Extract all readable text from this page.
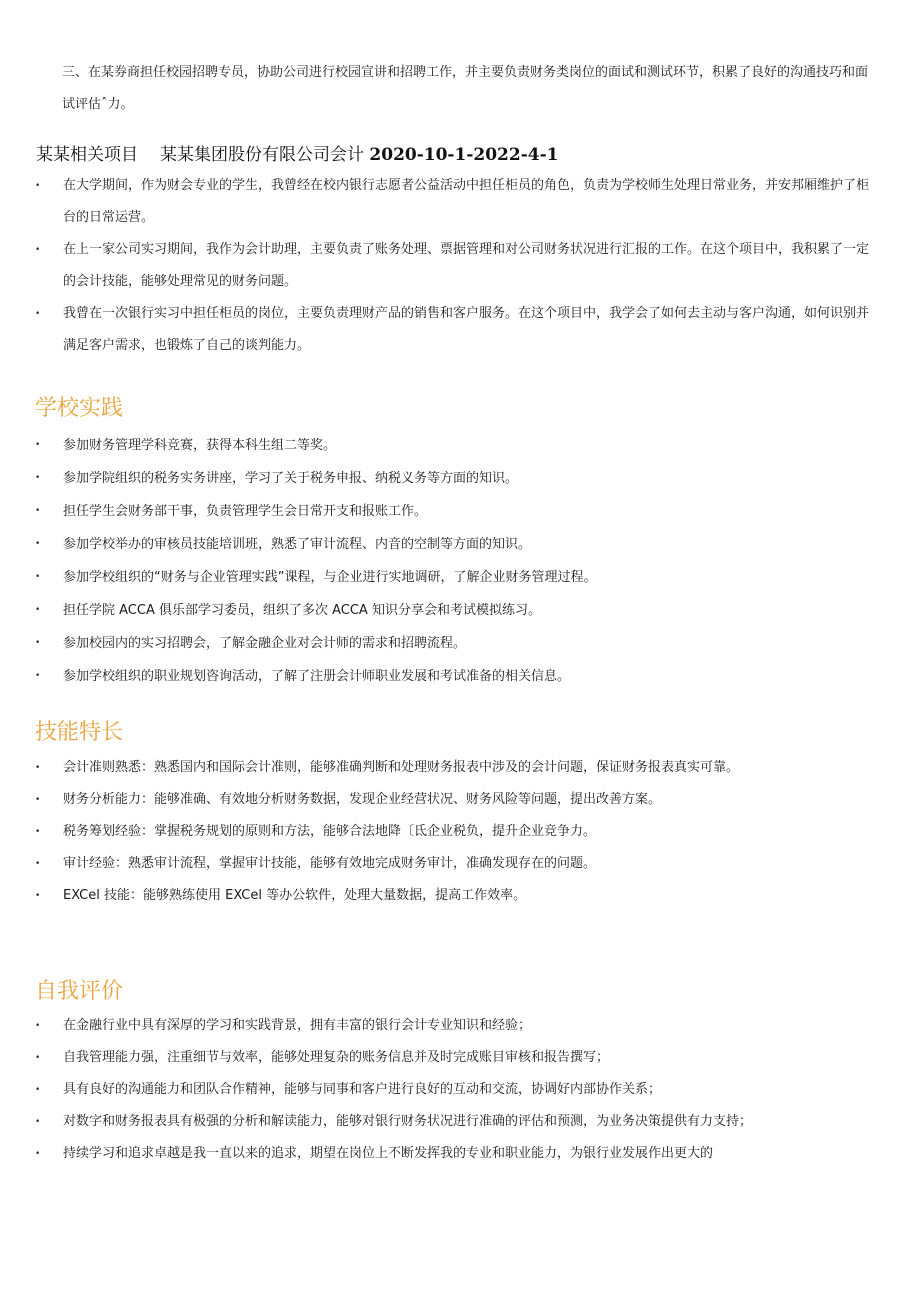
三、在某券商担任校园招聘专员，协助公司进行校园宣讲和招聘工作，并主要负责财务类岗位的面试和测试环节，积累了良好的沟通技巧和面试评估ˆ力。

某某相关项目 某某集团股份有限公司会计 2020-10-1-2022-4-1
• 在大学期间，作为财会专业的学生，我曾经在校内银行志愿者公益活动中担任柜员的角色，负责为学校师生处理日常业务，并安邦厢维护了柜台的日常运营。
• 在上一家公司实习期间，我作为会计助理，主要负责了账务处理、票据管理和对公司财务状况进行汇报的工作。在这个项目中，我积累了一定的会计技能，能够处理常见的财务问题。
• 我曾在一次银行实习中担任柜员的岗位，主要负责理财产品的销售和客户服务。在这个项目中，我学会了如何去主动与客户沟通，如何识别并满足客户需求，也锻炼了自己的谈判能力。
学校实践
• 参加财务管理学科竞赛，获得本科生组二等奖。
• 参加学院组织的税务实务讲座，学习了关于税务申报、纳税义务等方面的知识。
• 担任学生会财务部干事，负责管理学生会日常开支和报账工作。
• 参加学校举办的审核员技能培训班，熟悉了审计流程、内音的空制等方面的知识。
• 参加学校组织的“财务与企业管理实践”课程，与企业进行实地调研，了解企业财务管理过程。
• 担任学院 ACCA 俱乐部学习委员，组织了多次 ACCA 知识分享会和考试模拟练习。
• 参加校园内的实习招聘会，了解金融企业对会计师的需求和招聘流程。
• 参加学校组织的职业规划咨询活动，了解了注册会计师职业发展和考试准备的相关信息。
技能特长
• 会计准则熟悉：熟悉国内和国际会计准则，能够准确判断和处理财务报表中涉及的会计问题，保证财务报表真实可靠。
• 财务分析能力：能够准确、有效地分析财务数据，发现企业经营状况、财务风险等问题，提出改善方案。
• 税务筹划经验：掌握税务规划的原则和方法，能够合法地降〔氐企业税负，提升企业竞争力。
• 审计经验：熟悉审计流程，掌握审计技能，能够有效地完成财务审计，准确发现存在的问题。
• EXCel 技能：能够熟练使用 EXCel 等办公软件，处理大量数据，提高工作效率。
自我评价
• 在金融行业中具有深厚的学习和实践背景，拥有丰富的银行会计专业知识和经验；
• 自我管理能力强，注重细节与效率，能够处理复杂的账务信息并及时完成账目审核和报告撰写；
• 具有良好的沟通能力和团队合作精神，能够与同事和客户进行良好的互动和交流，协调好内部协作关系；
• 对数字和财务报表具有极强的分析和解读能力，能够对银行财务状况进行准确的评估和预测，为业务决策提供有力支持；
• 持续学习和追求卓越是我一直以来的追求，期望在岗位上不断发挥我的专业和职业能力，为银行业发展作出更大的
